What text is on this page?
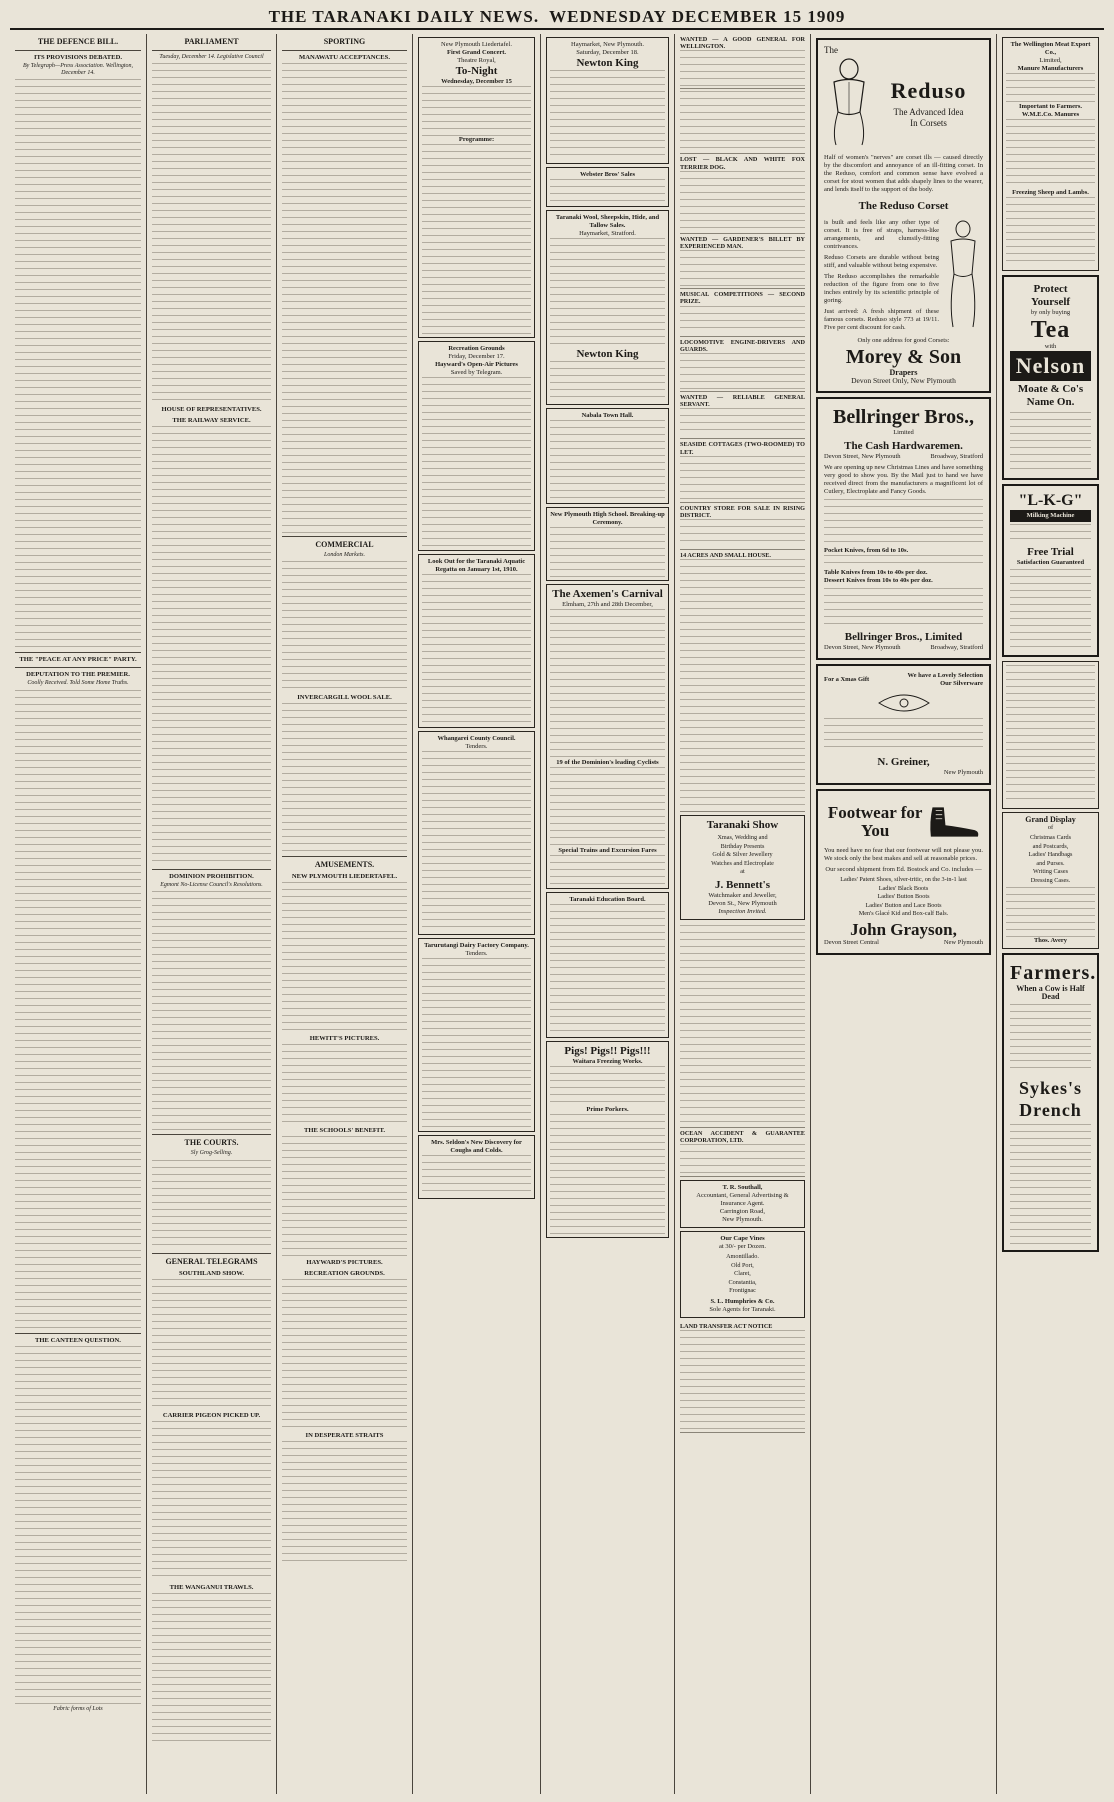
THE TARANAKI DAILY NEWS. WEDNESDAY DECEMBER 15 1909
THE DEFENCE BILL.
ITS PROVISIONS DEBATED.
By Telegraph—Press Association. Wellington, December 14.
THE "PEACE AT ANY PRICE" PARTY.
DEPUTATION TO THE PREMIER.
Coolly Received. Told Some Home Truths.
THE CANTEEN QUESTION.
Fabric forms of Lots
PARLIAMENT
Tuesday, December 14. Legislative Council
HOUSE OF REPRESENTATIVES.
THE RAILWAY SERVICE.
DOMINION PROHIBITION.
Egmont No-License Council's Resolutions.
THE COURTS.
Sly Grog-Selling.
GENERAL TELEGRAMS
SOUTHLAND SHOW.
CARRIER PIGEON PICKED UP.
THE WANGANUI TRAWLS.
SPORTING
MANAWATU ACCEPTANCES.
COMMERCIAL
London Markets.
INVERCARGILL WOOL SALE.
AMUSEMENTS.
NEW PLYMOUTH LIEDERTAFEL.
HEWITT'S PICTURES.
THE SCHOOLS' BENEFIT.
HAYWARD'S PICTURES.
RECREATION GROUNDS.
IN DESPERATE STRAITS
New Plymouth Liedertafel.
First Grand Concert.
Theatre Royal,
To-Night
Wednesday, December 15
Programme:
Recreation Grounds
Friday, December 17.
Hayward's Open-Air Pictures
Saved by Telegram.
Look Out for the Taranaki Aquatic Regatta on January 1st, 1910.
Whangarei County Council.
Tenders.
Tarurutangi Dairy Factory Company.
Tenders.
Mrs. Seldon's New Discovery for Coughs and Colds.
Haymarket, New Plymouth.
Saturday, December 18.
Newton King
Webster Bros' Sales
Taranaki Wool, Sheepskin, Hide, and Tallow Sales.
Haymarket, Stratford.
Newton King
Nabala Town Hall.
New Plymouth High School. Breaking-up Ceremony.
The Axemen's Carnival
Elmham, 27th and 28th December,
19 of the Dominion's leading Cyclists
Special Trains and Excursion Fares
Taranaki Education Board.
Pigs! Pigs!! Pigs!!!
Waitara Freezing Works.
Prime Porkers.
WANTED — A GOOD GENERAL FOR WELLINGTON.
LOST — BLACK AND WHITE FOX TERRIER DOG.
WANTED — GARDENER'S BILLET BY EXPERIENCED MAN.
MUSICAL COMPETITIONS — SECOND PRIZE.
LOCOMOTIVE ENGINE-DRIVERS AND GUARDS.
WANTED — RELIABLE GENERAL SERVANT.
SEASIDE COTTAGES (TWO-ROOMED) TO LET.
COUNTRY STORE FOR SALE IN RISING DISTRICT.
14 ACRES AND SMALL HOUSE.
Taranaki Show
Xmas, Wedding and
Birthday Presents
Gold & Silver Jewellery
Watches and Electroplate
at
J. Bennett's
Watchmaker and Jeweller,
Devon St., New Plymouth
Inspection Invited.
OCEAN ACCIDENT & GUARANTEE CORPORATION, LTD.
T. R. Southall,
Accountant, General Advertising & Insurance Agent.
Carrington Road,
New Plymouth.
Our Cape Vines
at 30/- per Dozen.
Amontillado.
Old Port,
Claret,
Constantia,
Frontignac
S. L. Humphries & Co.
Sole Agents for Taranaki.
LAND TRANSFER ACT NOTICE
The
Reduso
The Advanced Idea
In Corsets

Half of women's "nerves" are corset ills — caused directly by the discomfort and annoyance of an ill-fitting corset. In the Reduso, comfort and common sense have evolved a corset for stout women that adds shapely lines to the wearer, and lends itself to the support of the body.

The Reduso Corset

is built and feels like any other type of corset. It is free of straps, harness-like arrangements, and clumsily-fitting contrivances.

Reduso Corsets are durable without being stiff, and valuable without being expensive.

The Reduso accomplishes the remarkable reduction of the figure from one to five inches entirely by its scientific principle of goring.

Just arrived: A fresh shipment of these famous corsets. Reduso style 773 at 19/11. Five per cent discount for cash.

Only one address for good Corsets:
Morey & Son
Drapers
Devon Street Only, New Plymouth
Bellringer Bros.,
Limited
The Cash Hardwaremen.
Devon Street, New Plymouth	Broadway, Stratford

We are opening up new Christmas Lines and have something very good to show you. By the Mail just to hand we have received direct from the manufacturers a magnificent lot of Cutlery, Electroplate and Fancy Goods.

Pocket Knives, from 6d to 10s.
Table Knives from 10s to 40s per doz.
Dessert Knives from 10s to 40s per doz.
Bellringer Bros., Limited
Devon Street, New Plymouth	Broadway, Stratford
For a Xmas Gift
We have a Lovely Selection
Our Silverware
N. Greiner,
New Plymouth
Footwear for You

You need have no fear that our footwear will not please you. We stock only the best makes and sell at reasonable prices.

Our second shipment from Ed. Bostock and Co. includes —

Ladies' Patent Shoes, silver-tritic, on the 3-in-1 last
Ladies' Black Boots
Ladies' Button Boots
Ladies' Button and Lace Boots
Men's Glacé Kid and Box-calf Bals.
John Grayson,
Devon Street Central	New Plymouth
The Wellington Meat Export Co.,
Limited,
Manure Manufacturers
Important to Farmers.
W.M.E.Co. Manures
Freezing Sheep and Lambs.
Protect
Yourself
by only buying
Tea
with
Nelson
Moate & Co's
Name On.
"L-K-G"
Milking Machine
Free Trial
Satisfaction Guaranteed
Grand Display
of
Christmas Cards
and Postcards,
Ladies' Handbags
and Purses.
Writing Cases
Dressing Cases.
Thos. Avery
Farmers.
When a Cow is Half Dead
Sykes's Drench
